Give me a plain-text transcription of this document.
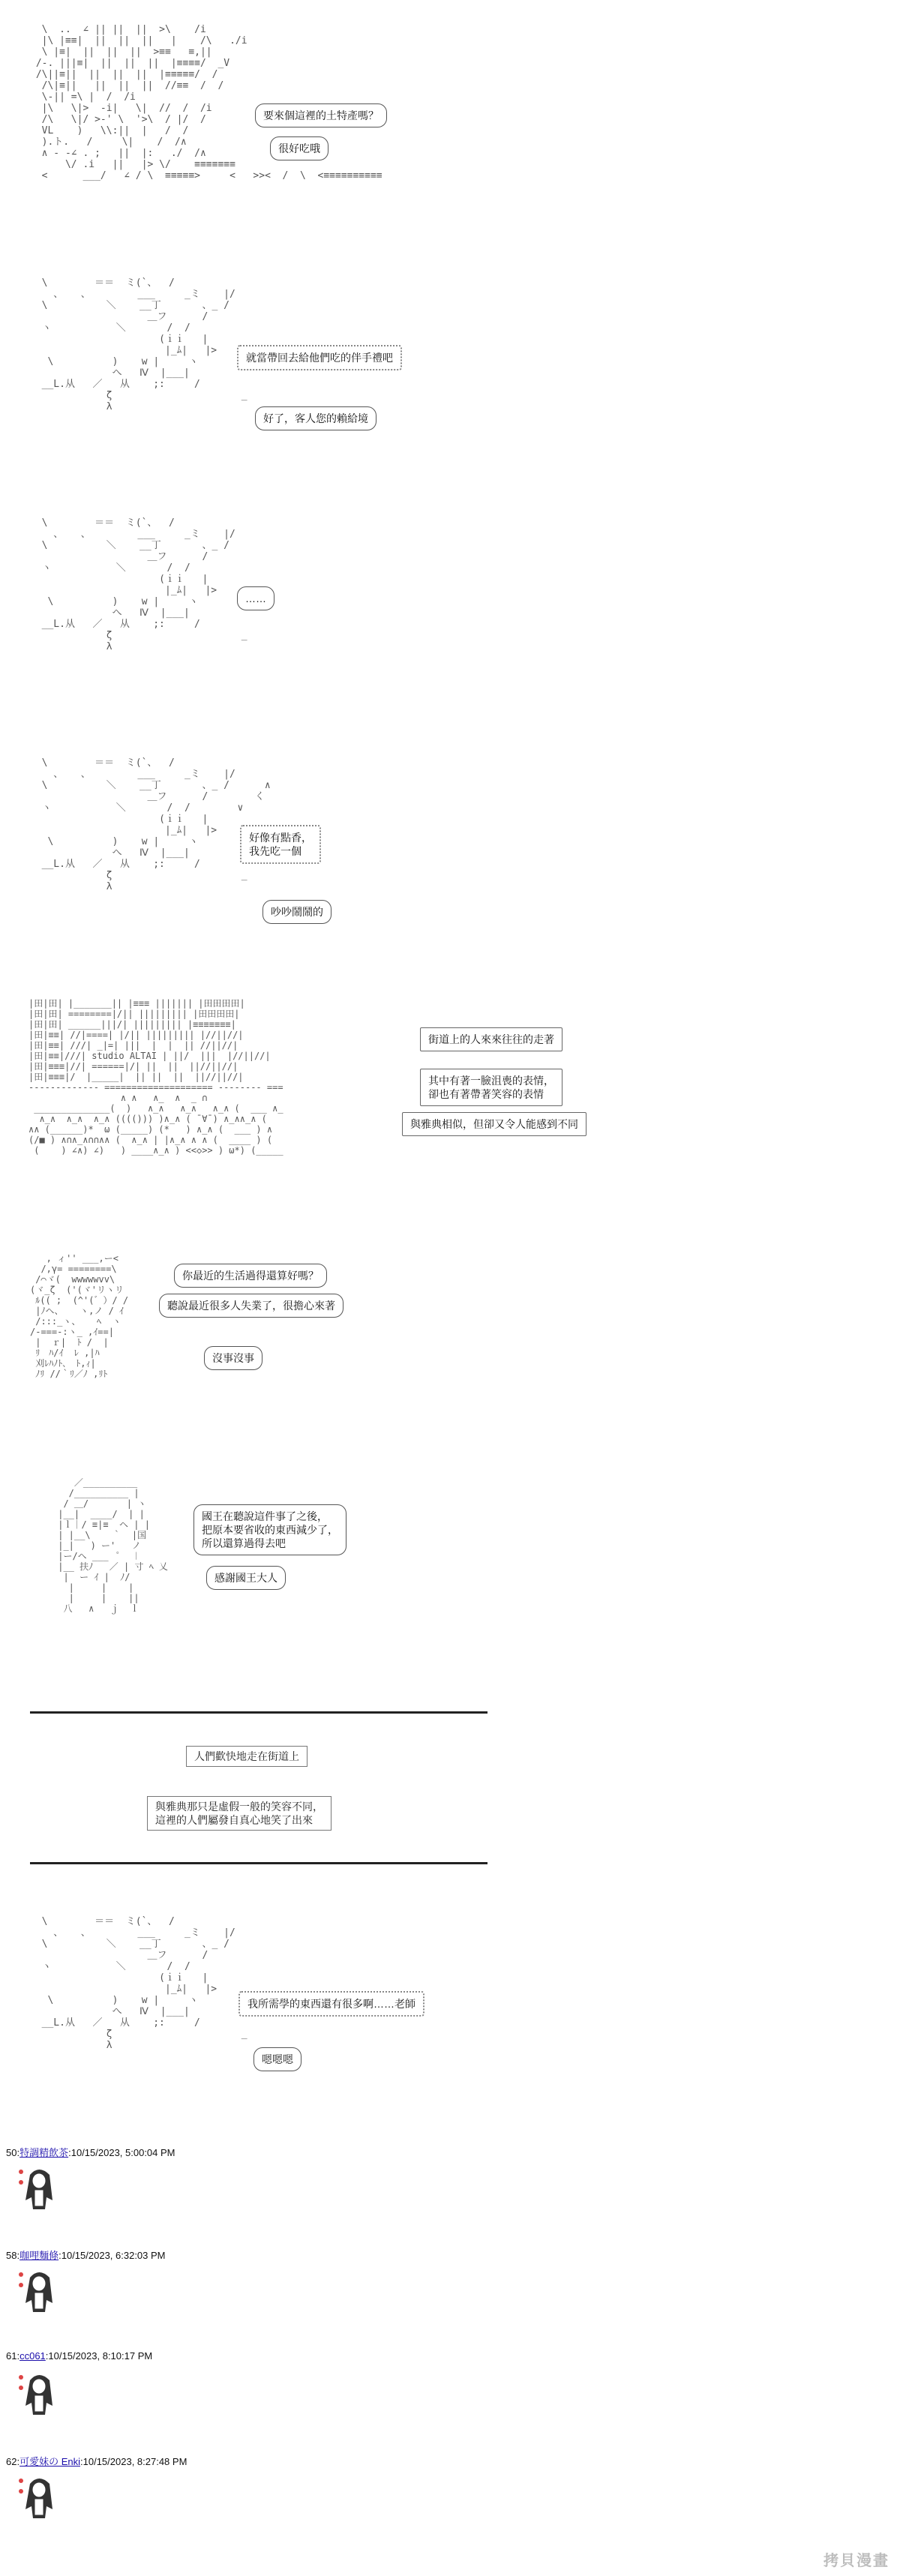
\  ..  ∠ || ||  ||  >\    /i
|\ |≡≡|  ||  ||  ||   |    /\   ./i
\ |≡|  ||  ||  ||  >≡≡   ≡,||
/-. |||≡|  ||  ||  ||  |≡≡≡≡/  _V
/\||≡||  ||  ||  ||  |≡≡≡≡≡/  /
/\|≡||   ||  ||  ||  //≡≡  /  /
\-|| =\ |  /  /i
|\   \|>  -i|   \|  //  /  /i
/\   \|/ >-' \  '>\  / |/  /
VL    )   \\:||  |   /  /
).ト.   /     \|    /  /∧
∧ - -∠ . ;   ||  |:   ./  /∧
\/ .i   ||   |> \/    ≡≡≡≡≡≡≡
<      ___/   ∠ / \  ≡≡≡≡≡>     <   >><  /  \  <≡≡≡≡≡≡≡≡≡≡
要來個這裡的土特產嗎？
很好吃哦
\        ＝＝  ミ(`、  /
、   、        ___     _ミ    |/
\          ＼    __丁       、_ /
＿フ      /
ヽ           ＼       /  /
(ｉｉ   |
|_ﾑ|   |>
\          )    w |     ヽ
へ   Ⅳ  |___|
__L.从   ／   从    ;:     /
ζ                      _
λ
就當帶回去給他們吃的伴手禮吧
好了，客人您的賴給境
\        ＝＝  ミ(`、  /
、   、        ___     _ミ    |/
\          ＼    __丁       、_ /
＿フ      /
ヽ           ＼       /  /
(ｉｉ   |
|_ﾑ|   |>
\          )    w |     ヽ
へ   Ⅳ  |___|
__L.从   ／   从    ;:     /
ζ                      _
λ
……
\        ＝＝  ミ(`、  /
、   、        ___     _ミ    |/
\          ＼    __丁       、_ /      ∧
＿フ      /        く
ヽ           ＼       /  /        ∨
(ｉｉ   |
|_ﾑ|   |>
\          )    w |     ヽ
へ   Ⅳ  |___|
__L.从   ／   从    ;:     /
ζ                      _
λ
好像有點香，
我先吃一個
吵吵鬧鬧的
|田|田| |_______|| |≡≡≡ ||||||| |田田田田|
|田|田| ========|/|| ||||||||| |田田田田|
|田|田| ______|||/| ||||||||| |≡≡≡≡≡≡≡|
|田|≡≡| //|====| |/|| ||||||||| |//||//|
|田|≡≡| ///| _|=| |||  |  |  || //||//|
|田|≡≡|///| studio ALTAI | ||/  |||  |//||//|
|田|≡≡≡|//| ======|/| ||  ||  ||//||//|
|田|≡≡≡|/  |_____|  || ||  ||  ||//||//|
------------- ==================== -------- ===
∧ ∧   ∧_  ∧  _ ∩
______________(  )   ∧_∧   ∧_∧   ∧_∧ (  ___ ∧_
∧_∧  ∧_∧  ∧_∧ (((())) )∧_∧ ( ¯∀¯) ∧_∧∧_∧ (
∧∧ (______)*  ω (_____) (*   ) ∧_∧ (  ___ ) ∧
(/■ ) ∧∩∧_∧∩∩∧∧ (  ∧_∧ | |∧_∧ ∧ ∧ (  ____ ) (
(    ) ∠∧) ∠)   ) ____∧_∧ ) <<◇>> ) ω*) (_____
街道上的人來來往往的走著
其中有著一臉沮喪的表情，
卻也有著帶著笑容的表情
與雅典相似，但卻又令人能感到不同
, ィ'' ___,ー<
/,γ= ========\
/⌒ヾ(  wwwwwvv\
(ヾ_ζ  ('(ヾ'リヽリ
ﾙ(( ;  (^'(゛）/ /
|ﾉヘ、   ヽ,ノ / ｲ
/:::_ヽ、   ﾍ  ヽ
/-===-:ヽ_ ,ｲ==|
|  ｒ|  ﾄ /  |
ﾘ　ﾊ/ｲ  ﾚ ,|ﾊ
刈ﾚﾊﾉﾄ､　ﾄ,ｨ|
ﾉﾘ //｀ﾘ／ﾉ ,ﾘﾄ
你最近的生活過得還算好嗎？
聽說最近很多人失業了，很擔心來著
沒事沒事
／__________
/__________ |
/ ＿/       | ヽ
|__|  ____/  | |
|ｌ｜/ ≡|≡  ヘ | |
| |__\    ｀  |国
|_|   ) ー'   ノ
|ー/ヘ ___  ﾟ  ︱
|__ 扶ﾉ   ／ | 寸 ﾍ 乂
|  ー ｲ |  ﾉ/
|     |    |
|     |    ||
八   ∧   ｊ  ｌ
國王在聽說這件事了之後，
把原本要省收的東西減少了，
所以還算過得去吧
感謝國王大人
人們歡快地走在街道上
與雅典那只是虛假一般的笑容不同，
這裡的人們屬發自真心地笑了出來
\        ＝＝  ミ(`、  /
、   、        ___     _ミ    |/
\          ＼    __丁       、_ /
＿フ      /
ヽ           ＼       /  /
(ｉｉ   |
|_ﾑ|   |>
\          )    w |     ヽ
へ   Ⅳ  |___|
__L.从   ／   从    ;:     /
ζ                      _
λ
我所需學的東西還有很多啊……老師
嗯嗯嗯
50:特調精飲茶:10/15/2023, 5:00:04 PM
58:咖哩麵條:10/15/2023, 6:32:03 PM
61:cc061:10/15/2023, 8:10:17 PM
62:可愛妹の Enki:10/15/2023, 8:27:48 PM
拷貝漫畫
